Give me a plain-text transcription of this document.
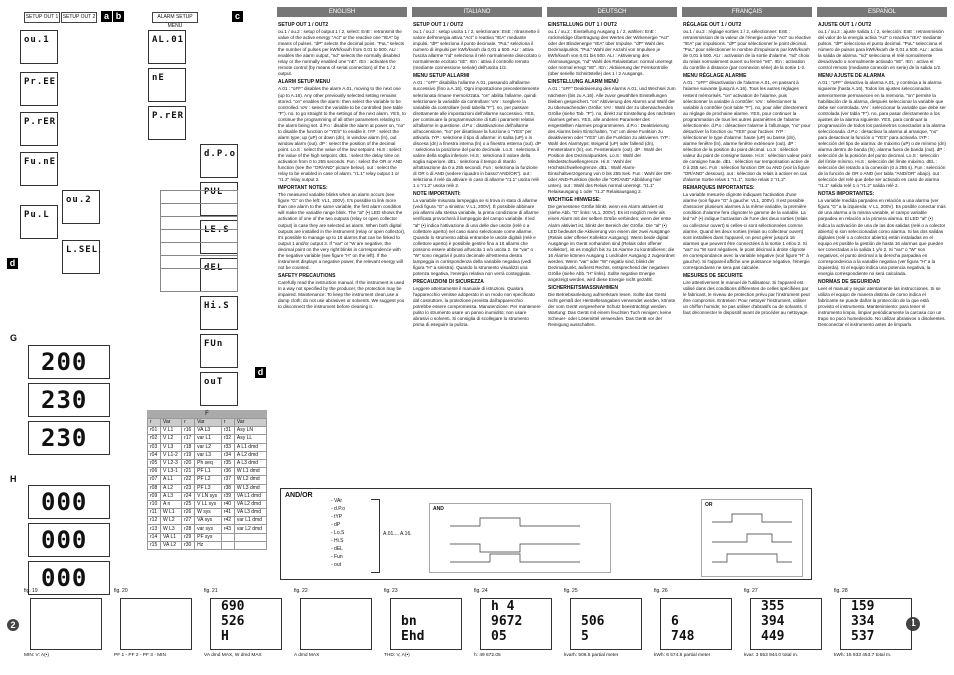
SETUP OUT 1 SETUP OUT 2 a b	ALARM SETUP MENU
c
ou.1
Pr.EE
P.rER
Fu.nE
ou.2
Pu.L
L.SEL
AL.01
nE
P.rER
d.P.o
PUL
LE.S
dEL
Hi.S
FUn
ouT
d
d
G
H
200
230
230
000
000
000
F
r	Var	r	Var	r	Var
r01	V L1	r16	VA L3	r31	Asy LN
r02	V L2	r17	var L1	r32	Asy LL
r03	V L3	r18	var L2	r33	A L1 dmd
r04	V L1-2	r19	var L3	r34	A L2 dmd
r05	V L2-3	r20	Ph seq	r35	A L3 dmd
r06	V L3-1	r21	PF L1	r36	W L1 dmd
r07	A L1	r22	PF L2	r37	W L2 dmd
r08	A L2	r23	PF L3	r38	W L3 dmd
r09	A L3	r24	V LN sys	r39	VA L1 dmd
r10	A n	r25	V LL sys	r40	VA L2 dmd
r11	W L1	r26	W sys	r41	VA L3 dmd
r12	W L2	r27	VA sys	r42	var L1 dmd
r13	W L3	r28	var sys	r43	var L2 dmd
r14	VA L1	r29	PF sys		
r15	VA L2	r30	Hz		
ENGLISH	ITALIANO	DEUTSCH	FRANÇAIS	ESPAÑOL
SETUP OUT 1 / OUT2

ou.1 / ou.2 : setup of output 1 / 2, select: EnE : retransmit the value of the active energy "Act" or the reactive one "rEA" by means of pulses. "dP" selects the decimal point. "PuL" selects the number of pulses per kWh/kvarh from 0.01 to 500. ALr : enables the alarm output, "nd" selects the normally disabled relay or the normally enabled one "nE". rEn : activates the remote control (by means of serial connection) of the 1 / 2 output.

ALARM SETUP MENU

A.01 : "oFF" disables the alarm A.01, moving to the next one (up to A.16). Any other previously selected setting remains stored. "on" enables the alarm: then select the variable to be controlled. VAr : select the variable to be controlled (see table "F"). no. to go straight to the settings of the next alarm. YES, to continue the programming of all other parameters relating to the alarm being set. d.P.o : disable the alarm at power on, "no" to disable the function or "YES" to enable it. tYP : select the alarm type; up (uP) or down (dn), in window alarm (ln), out window alarm (out). dP : select the position of the decimal point. Lo.S : select the value of the low setpoint. Hi.S : select the value of the high setpoint. dEL : select the delay time on activation from 0 to 255 seconds. Fun : select the OR or AND function (see the "OR/AND" picture below). out : select the relay to be enabled in case of alarm. "r1.1" relay output 1 or "r1.2" relay output 2.

IMPORTANT NOTES:

The measured variable blinks when an alarm occurs (see figure "G" on the left: VL1, 200V). It's possible to link more than one alarm to the same variable, the first alarm condition will make the variable range blink. The "al" (•) LED shows the activation of one of the two outputs (relay or open collector output) in case they are selected as alarm. When both digital outputs are installed in the instrument (relay or open collector), it's possible to manage up to 16 alarms that can be linked to output 1 and/or output 2. If "var" or "W are negative, the decimal point on the very right blinks in correspondence with the negative variable (see figure "H" on the left). If the instrument displays a negative power, the relevant energy will not be counted.

SAFETY PRECAUTIONS

Carefully read the instruction manual. If the instrument is used in a way not specified by the producer, the protection may be impaired. Maintenance: To keep the instrument clean,use a damp cloth; do not use abrasives or solvents. We suggest you to disconnect the instrument before cleaning it.

SETUP OUT 1 / OUT2

ou.1 / ou.2 : setup uscita 1 / 2, selezionare: EnE : ritrasmette il valore dell'energia attiva "Act" o reattiva "rEA" mediante impulsi. "dP" seleziona il punto decimale. "PuL" seleziona il numero di impulsi per kWh/kvarh da 0,01 a 500. ALr : attiva l'uscita allarme "nd" seleziona il relè normalmente diseccitato o normalmente eccitato "nE". rEn : attiva il controllo remoto (mediante connessione seriale) dell'uscita 1/2.

MENU SETUP ALLARMI

A.01 : "oFF" disabilita l'allarme A.01, passando all'allarme successivo (fino a A.16). Ogni impostazione precedentemente selezionata rimane memorizzata. "on" abilita l'allarme, quindi selezionare la variabile da controllare: VAr : scegliere la variabile da controllare (vedi tabella "F"). no, per passare direttamente alle impostazioni dell'allarme successivo. YES, per continuare la programmazione di tutti i parametri relativi all'allarme in questione. d.P.o : disattivazione dell'allarme all'accensione, "no" per disattivare la funzione o "YES" per attivarla. tYP : selezione il tipo di allarme: in salita (uP) o in discesa (dn) a finestra interna (ln) o a finestra esterna (out). dP : seleziona la posizione del punto decimale. Lo.S : seleziona il valore della soglia inferiore. Hi.S : seleziona il valore della soglia superiore. dEL : seleziona il tempo di ritardo all'attivazione da 0 a 255 secondi. Fun : seleziona la funzione di OR o di AND (vedere riquadro in basso"AND/OR"). out : seleziona il relè da attivare in caso di allarme "r1.1" uscita relè 1 o "r1.2" uscita relè 2.

NOTE IMPORTANTI:

La variabile misurata lampeggia se si trova in stato di allarme (vedi figura "G" a sinistra: V L1, 200V). È possibile abbinare più allarmi alla stessa variabile, la prima condizione di allarme verificata provocherà il lampeggio del campo variabile. Il led "al" (•) indica l'attivazione di una delle due uscite (relè o a collettore aperto) nel caso siano selezionate come allarme. Quando lo strumento abbia entrambe le uscite digitali (relè e collettore aperto) è possibile gestire fino a 16 allarmi che possono essere abbinati all'uscita 1 e/o uscita 2. Se "var" o "W" sono negativi il punto decimale all'estrema destra lampeggia in corrispondenza della variabile negativa (vedi figura "H" a sinistra). Quando lo strumento visualizzi una potenza negativa, l'energia relativa non verrà conteggiata.

PRECAUZIONI DI SICUREZZA

Leggere attentamente il manuale di istruzioni. Qualora l'apparecchio venisse adoperato in un modo non specificato dal costruttore, la protezione prevista dall'apparecchio potrebbe essere compromessa. Manutenzione: Per mantenere pulito lo strumento usare un panno inumidito; non usare abrasivi o solventi. Si consiglia di scollegare lo strumento prima di eseguire la pulizia.

EINSTELLUNG OUT 1 / OUT2

ou.1 / ou.2 : Einstellung Ausgang 1 / 2, wählen: EnE : rückmeldige Übertragung des Wertes der Wirkenergie "Act" oder der Blindenergie "rEA" über Impulse. "dP" Wahl des Dezimalpunkts. "PuL" Wahl der Anzahl von Impulsen je kWh/kvarh von 0,01 bis 500. ALr : Aktivierung des Alarmausgangs, "nd" Wahl des Relaisstatus: normal unerregt oder normal erregt "nE". rEn : Aktivierung der Fernkontrolle (über serielle Schnittstelle) des 1 / 2 Ausgangs.

EINSTELLUNG ALARM MENÜ

A.01 : "oFF" Deaktivierung des Alarms A.01, und Wechsel zum nächsten (bis zu A.16). Alle zuvor gewählten Einstellungen bleiben gespeichert. "on" Aktivierung des Alarms und Wahl der zu überwachenden Größe: VAr : Wahl der zu überwachenden Größe (siehe Tab. "F"). no, direkt zur Einstellung des nächsten Alarmes gehen. YES, alle anderen Parameter des eingestellten Alarmes programmieren. d.P.o : Deaktivierung des Alarms beim Einschalten, "no" um diese Funktion zu deaktivieren oder "YES" um die Funktion zu aktivieren. tYP : Wahl des Alarmtyps; steigend (uP) oder fallend (dn), Fensteralarm (ln), ext. Fensteralarm (out). dP : Wahl der Position des Dezimalpunktes. Lo.S : Wahl der Mindestschwellengrenze. Hi.S : Wahl der Höchstschwellengrenze. dEL : Wahl Alarm-Einschaltverzögerung von 0 bis 255 Sek. Fun : Wahl der OR- oder AND-Funktion (siehe die "OR/AND" Abbildung hier unten). out : Wahl des Relais normal unerregt. "r1.1" Relaisausgang 1 oder "r1.2" Relaisausgang 2.

WICHTIGE HINWEISE:

Die gemessene Größe blinkt, wenn ein Alarm aktiviert ist (siehe Abb. "G" links: VL1, 200V). Es ist möglich mehr als einen Alarm mit der selben Größe verbinden; wenn der erste Alarm aktiviert ist, blinkt der Bereich der Größe. Die "al" (•) LED bedeutet die Aktivierung von einem der zwei Ausgänge (Relais oder offener Kollektor Ausgang). Wenn beide digital Ausgänge im Gerät vorhanden sind (Relais oder offener Kollektor), ist es möglich bis zu 16 Alarme zu kontrollieren; die 16 Alarme können Ausgang 1 und/oder Ausgang 2 zugeordnet werden. Wenn "var" oder "W" negativ sind, blinkt der Dezimalpunkt, äußerst Rechts, entsprechend der negativen Größe (siehe Abb. "H" links). Sollte negative Energie angezeigt werden, wird diese Energie nicht gezählt.

SICHERHEITSMASSNAHMEN

Die Betriebsanleitung aufmerksam lesen. Sollte das Gerät nicht gemäß der Herstellerangaben verwendet werden, könnte der vom Gerät vorgesehene Schutz beeinträchtigt werden. Wartung: Das Gerät mit einem feuchten Tuch reinigen; keine Scheuer- oder Lösemittel verwenden. Das Gerät vor der Reinigung ausschalten.

RÉGLAGE OUT 1 / OUT2

ou.1 / ou.2 : réglage sorties 1 / 2, sélectionner: EnE : retransmission de la valeur de l'énergie active "Act" ou réactive "rEA" par impulsions. "dP" pour sélectionner le point décimal. "PuL" pour sélectionner le nombre d'impulsions par kWh/kvarh de 0,01 à 500. ALr : activation de la sortie d'alarme, "nd" choix du relais normalement ouvert ou fermé "nE". rEn : activation du contrôle à distance (par connexion série) de la sortie 1-2.

MENU RÉGLAGE ALARME

A.01 : "oFF" désactivation de l'alarme A.01, en passant à l'alarme suivante (jusqu'à A.16). Tous les autres réglages restent mémorisés. "on" activation de l'alarme, puis sélectionner la variable à contrôler: VAr : sélectionner la variable à contrôler (voir table "F"). no, pour aller directement au réglage de prochaine alarme. YES, pour continuer la programmation de tous les autres paramètres de l'alarme sélectionnée. d.P.o : désactiver l'alarme à l'allumage, "no" pour désactiver la fonction ou "YES" pour l'activer. tYP : sélectionner le type d'alarme: haute (uP) ou basse (dn), alarme fenêtre (ln), alarme fenêtre extérieure (out). dP : sélection de la position du point décimal. Lo.S : sélection valeur du point de consigne basse. Hi.S : sélection valeur point de consigne haute. dEL : sélection sur temporisation active de 0 à 255 sec. Fun : sélection fonction OR ou AND (voir la figure "OR/AND" dessous). out : sélection du relais à activer en cas d'alarme Sortie relais 1 "r1.1", Sortie relais 2 "r1.2".

REMARQUES IMPORTANTES:

La variable mesurée clignote indiquant l'activation d'une alarme (voir figure "G" à gauche: VL1, 200V). Il est possible d'associer plusieurs alarmes à la même variable, la première condition d'alarme fera clignoter le gamme de la variable. La led "al" (•) indique l'activation de l'une des deux sorties (relais ou collecteur ouvert) si celles-ci sont sélectionnées comme alarme. Quand les deux sorties (relais ou collecteur ouvert) sont installées dans l'appareil, on peut gérer jusqu'à 16 alarmes que peuvent être connectées à la sortie 1 et/ou 2. Si "var" ou "W sont négatives, le point décimal à droite clignote en correspondance avec la variable négative (voir figure "H" à gauche). Si l'appareil affiche une puissance négative, l'énergie correspondante ne sera pas calculée.

MESURES DE SECURITE

Lire attentivement le manuel de l'utilisateur. Si l'appareil est utilisé dans des conditions différentes de celles spécifiées par le fabricant, le niveau de protection prévu par l'instrument peut être compromis. Entretien: Pour nettoyer l'instrument, utiliser un chiffon humide; ne pas utiliser d'abrasifs ou de solvants. Il faut déconnecter le dispositif avant de procéder au nettoyage.

AJUSTE OUT 1 / OUT2

ou.1 / ou.2 : ajuste salida 1 / 2, selección: EnE : retransmisión del valor de la energía activa "Act" o reactiva "rEA" mediante pulsos. "dP" selecciona el punto decimal. "PuL" selecciona el número de pulsos para kWh/kvarh de 0,01 a 500. ALr : activa la salida de alarma. "nd" selecciona el relé normalmente desactivado o normalmente activado "nE". rEn : activa el control remoto (mediante conexión en serie) de la salida 1/2.

MENU AJUSTE DE ALARMA

A.01 : "oFF" desactiva la alarma A.01, y continúa a la alarma siguiente (hasta A.16). Todos los ajustes seleccionados anteriormente permanecen en la memoria. "on" permite la habilitación de la alarma, después seleccionar la variable que debe ser controlada. VAr : seleccionar la variable que debe ser controlada (ver tabla "F"). no, para pasar directamente a los ajustes de la alarma siguiente. YES, para continuar la programación de todos los parámetros conectados a la alarma seleccionada. d.P.o : desactivar la alarma al arranque, "no" para desactivar la función o "YES" para activarla. tYP : selección del tipo de alarma: de máximo (uP) o de mínimo (dn) alarma dentro de banda (ln), alarma fuera de banda (out). dP : selección de la posición del punto decimal. Lo.S : selección del límite mínimo. Hi.S : selección del límite máximo. dEL : selección del retardo a la conexión (0 a 255 s). Fun : selección de la función de OR o AND (ver tabla "AND/OR" abajo). out : selección del relé que debe ser activado en caso de alarma "r1.1" salida relé 1 o "r1.2" salida relé 2.

NOTAS IMPORTANTES:

La variable medida parpadea en relación a una alarma (ver figura "G" a la izquierda: V L1, 200V). Es posible conectar más de una alarma a la misma variable, el campo variable parpadea en relación a la primera alarma. El LED "al" (•) indica la activación de una de las dos salidas (relé o a colector abierto) si son seleccionadas como alarma. Si las dos salidas digitales (relé o a colector abierto) están instaladas en el equipo es posible la gestión de hasta 16 alarmas que pueden ser conectadas a la salida 1 y/o 2. Si "var" o "W" son negativos, el punto decimal a la derecha parpadea en correspondencia a la variable negativa (ver figura "H" a la izquierda). Si el equipo indica una potencia negativa, la energía correspondiente no será calculada.

NORMAS DE SEGURIDAD

Leer el manual y seguir atentamente las instrucciones. Si se utiliza el equipo de manera distinta de como indica el fabricante se puede dañar la protección de la que está provisto el instrumento. Mantenimiento: para tener el instrumento limpio, limpiar periódicamente la carcasa con un trapo no poco humedecido. No utilizar abrasivos o disolventes. Desconectar el instrumento antes de limpiarlo.

AND/OR
- VAr
- d.P.o
- tYP
- dP
- Lo.S
- Hi.S
- dEL
- Fun
- out
A.01.... A.16.
AND
OR
2	1
fig. 19
MIN: V: A(•)
fig. 20
PF 1 - PF 2 - PF 3 - MIN
fig. 21
690
526
H
VA dmd MAX, W dmd MAX
fig. 22
A dmd MAX
fig. 23
bn
Ehd
THD: V, A(•)
fig. 24
h 4
9672
05
h: 49 672.05
fig. 25
506
5
kvarh: 506.5 partial meter
fig. 26
6
748
kWh: 6 574.8 partial meter
fig. 27
355
394
449
kvar: 3 553 944.0 total m.
fig. 28
159
334
537
kWh: 15 933 453.7 total m.
